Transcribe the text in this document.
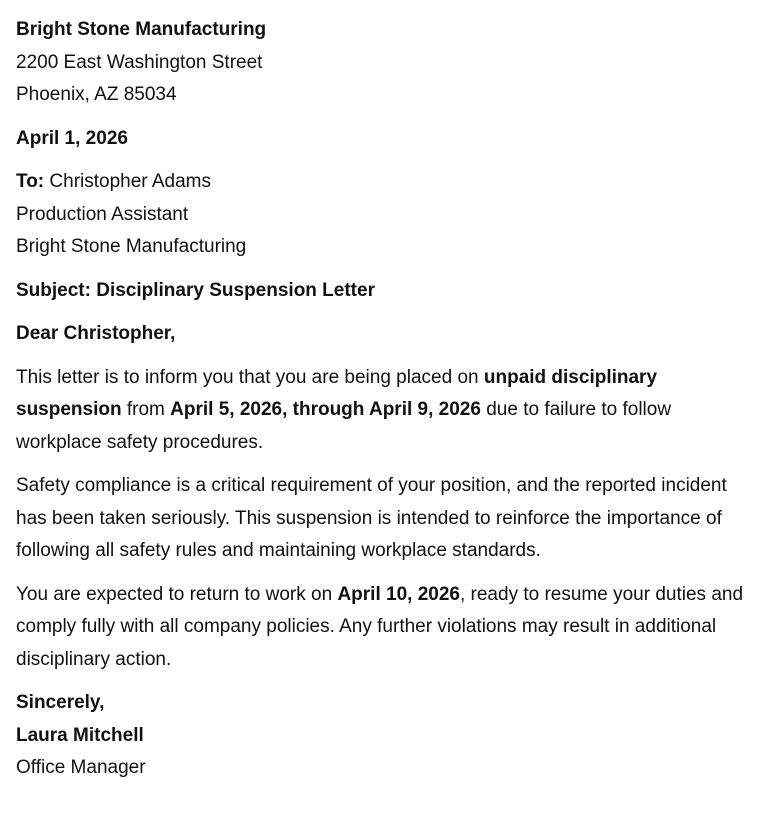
Bright Stone Manufacturing
2200 East Washington Street
Phoenix, AZ 85034
April 1, 2026
To: Christopher Adams
Production Assistant
Bright Stone Manufacturing
Subject: Disciplinary Suspension Letter
Dear Christopher,

This letter is to inform you that you are being placed on unpaid disciplinary suspension from April 5, 2026, through April 9, 2026 due to failure to follow workplace safety procedures.

Safety compliance is a critical requirement of your position, and the reported incident has been taken seriously. This suspension is intended to reinforce the importance of following all safety rules and maintaining workplace standards.

You are expected to return to work on April 10, 2026, ready to resume your duties and comply fully with all company policies. Any further violations may result in additional disciplinary action.

Sincerely,
Laura Mitchell
Office Manager
